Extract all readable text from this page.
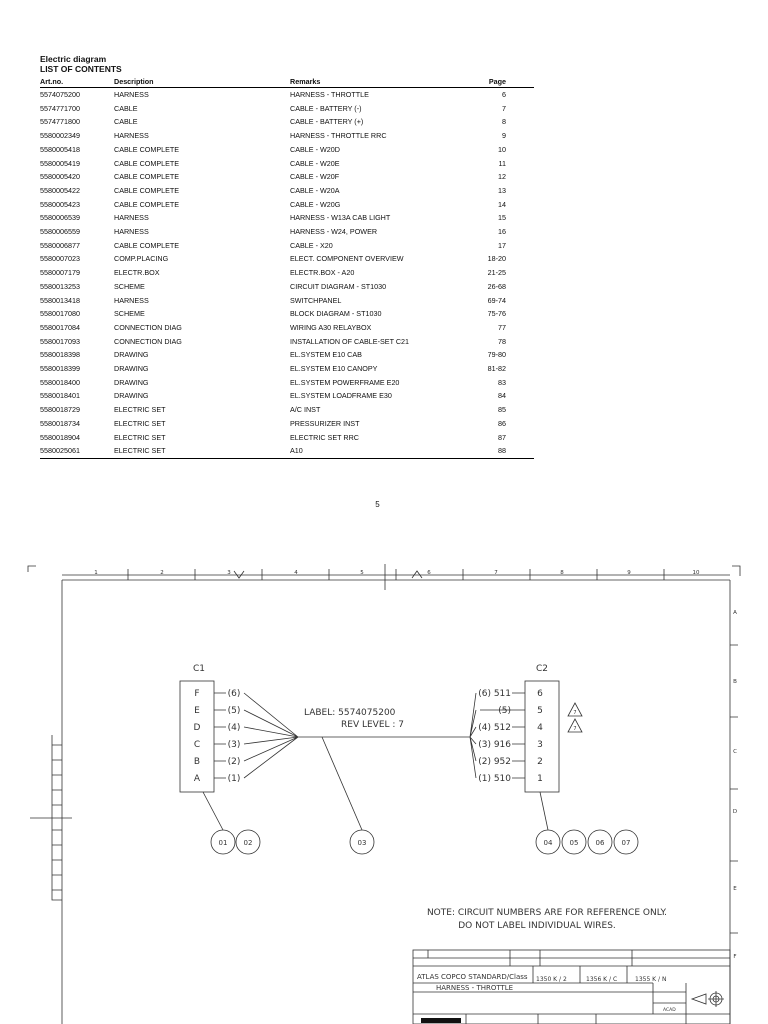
Electric diagram
LIST OF CONTENTS
Art.no.	Description	Remarks	Page
5574075200	HARNESS	HARNESS - THROTTLE	6
5574771700	CABLE	CABLE - BATTERY (-)	7
5574771800	CABLE	CABLE - BATTERY (+)	8
5580002349	HARNESS	HARNESS - THROTTLE RRC	9
5580005418	CABLE COMPLETE	CABLE - W20D	10
5580005419	CABLE COMPLETE	CABLE - W20E	11
5580005420	CABLE COMPLETE	CABLE - W20F	12
5580005422	CABLE COMPLETE	CABLE - W20A	13
5580005423	CABLE COMPLETE	CABLE - W20G	14
5580006539	HARNESS	HARNESS - W13A CAB LIGHT	15
5580006559	HARNESS	HARNESS - W24, POWER	16
5580006877	CABLE COMPLETE	CABLE - X20	17
5580007023	COMP.PLACING	ELECT. COMPONENT OVERVIEW	18-20
5580007179	ELECTR.BOX	ELECTR.BOX - A20	21-25
5580013253	SCHEME	CIRCUIT DIAGRAM - ST1030	26-68
5580013418	HARNESS	SWITCHPANEL	69-74
5580017080	SCHEME	BLOCK DIAGRAM - ST1030	75-76
5580017084	CONNECTION DIAG	WIRING A30 RELAYBOX	77
5580017093	CONNECTION DIAG	INSTALLATION OF CABLE-SET C21	78
5580018398	DRAWING	EL.SYSTEM E10 CAB	79-80
5580018399	DRAWING	EL.SYSTEM E10 CANOPY	81-82
5580018400	DRAWING	EL.SYSTEM POWERFRAME E20	83
5580018401	DRAWING	EL.SYSTEM LOADFRAME E30	84
5580018729	ELECTRIC SET	A/C INST	85
5580018734	ELECTRIC SET	PRESSURIZER INST	86
5580018904	ELECTRIC SET	ELECTRIC SET RRC	87
5580025061	ELECTRIC SET	A10	88
5
1	2	3	4	5	6	7	8	9	10
A
B
C
D
E
F
C1	C2
F
E
D
C
B
A
(6)
(5)
(4)
(3)
(2)
(1)
6
5
4
3
2
1
(6) 511
(5)
(4) 512
(3) 916
(2) 952
(1) 510
7
7
LABEL: 5574075200
REV LEVEL : 7
01 02	03	04 05 06 07
NOTE: CIRCUIT NUMBERS ARE FOR REFERENCE ONLY.
DO NOT LABEL INDIVIDUAL WIRES.
ATLAS COPCO STANDARD/Class 1350 K / 2	1356 K / C	1355 K / N
HARNESS - THROTTLE
ACAD
